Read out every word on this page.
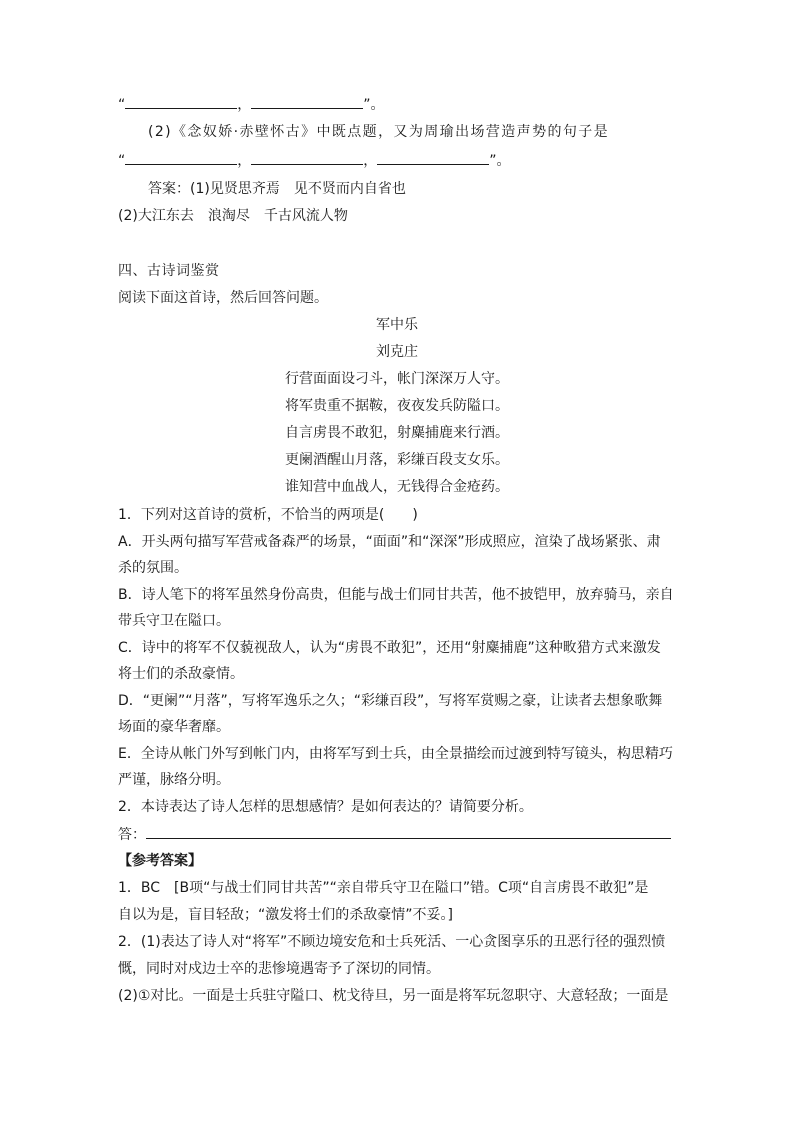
“	，	”。
(2)《念奴娇·赤壁怀古》中既点题，又为周瑜出场营造声势的句子是
“	，	，	”。
答案：(1)见贤思齐焉　见不贤而内自省也
(2)大江东去　浪淘尽　千古风流人物
四、古诗词鉴赏
阅读下面这首诗，然后回答问题。
军中乐
刘克庄
行营面面设刁斗，帐门深深万人守。
将军贵重不据鞍，夜夜发兵防隘口。
自言虏畏不敢犯，射麋捕鹿来行酒。
更阑酒醒山月落，彩缣百段支女乐。
谁知营中血战人，无钱得合金疮药。
1．下列对这首诗的赏析，不恰当的两项是(　　)
A．开头两句描写军营戒备森严的场景，“面面”和“深深”形成照应，渲染了战场紧张、肃
杀的氛围。
B．诗人笔下的将军虽然身份高贵，但能与战士们同甘共苦，他不披铠甲，放弃骑马，亲自
带兵守卫在隘口。
C．诗中的将军不仅藐视敌人，认为“虏畏不敢犯”，还用“射麋捕鹿”这种畋猎方式来激发
将士们的杀敌豪情。
D．“更阑”“月落”，写将军逸乐之久；“彩缣百段”，写将军赏赐之豪，让读者去想象歌舞
场面的豪华奢靡。
E．全诗从帐门外写到帐门内，由将军写到士兵，由全景描绘而过渡到特写镜头，构思精巧
严谨，脉络分明。
2．本诗表达了诗人怎样的思想感情？是如何表达的？请简要分析。
答：
【参考答案】
1．BC　[B项“与战士们同甘共苦”“亲自带兵守卫在隘口”错。C项“自言虏畏不敢犯”是
自以为是，盲目轻敌；“激发将士们的杀敌豪情”不妥。]
2．(1)表达了诗人对“将军”不顾边境安危和士兵死活、一心贪图享乐的丑恶行径的强烈愤
慨，同时对戍边士卒的悲惨境遇寄予了深切的同情。
(2)①对比。一面是士兵驻守隘口、枕戈待旦，另一面是将军玩忽职守、大意轻敌；一面是
